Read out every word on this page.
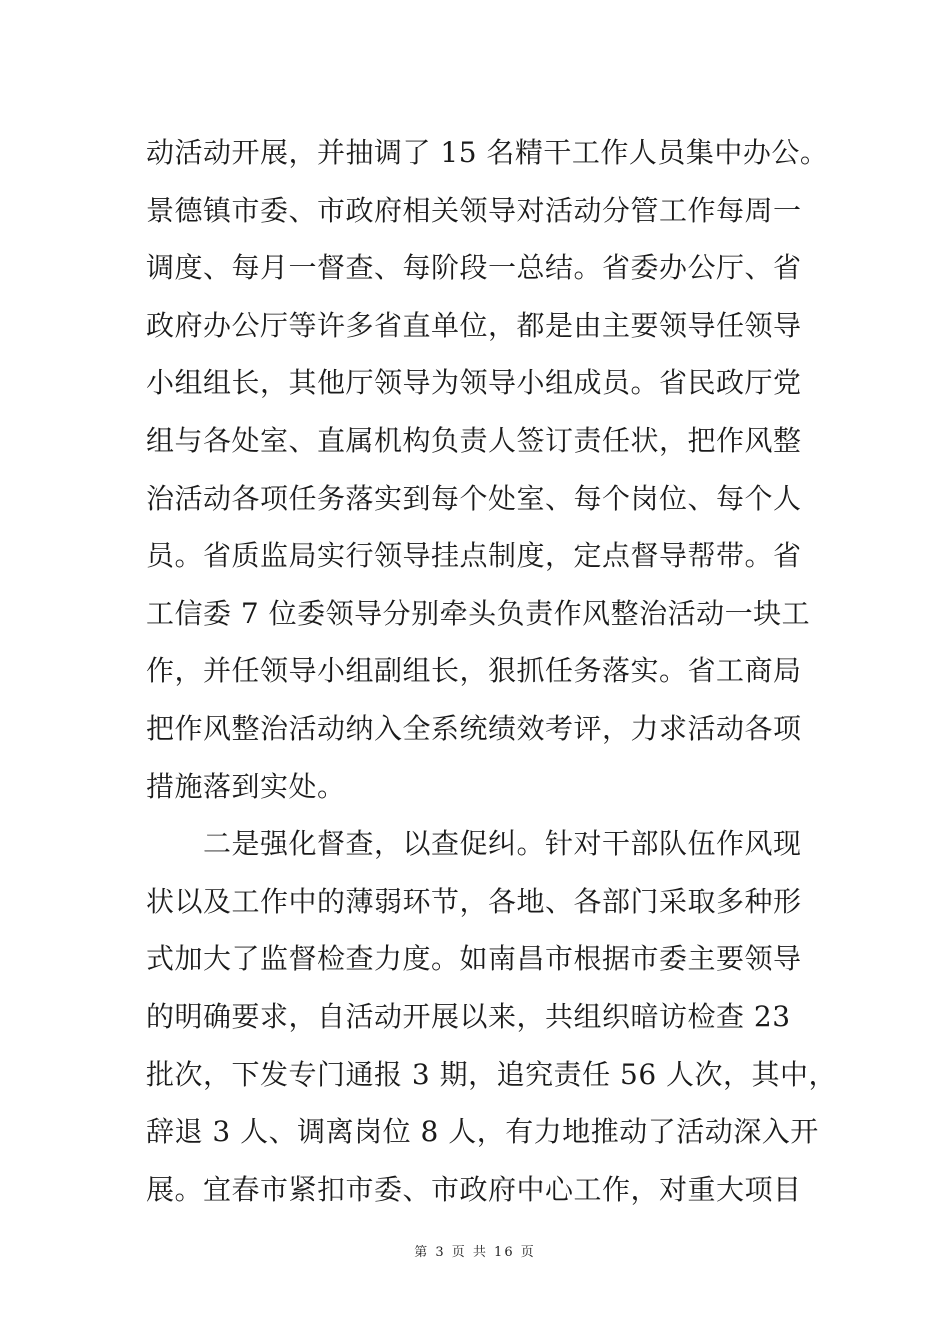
动活动开展，并抽调了 15 名精干工作人员集中办公。
景德镇市委、市政府相关领导对活动分管工作每周一
调度、每月一督查、每阶段一总结。省委办公厅、省
政府办公厅等许多省直单位，都是由主要领导任领导
小组组长，其他厅领导为领导小组成员。省民政厅党
组与各处室、直属机构负责人签订责任状，把作风整
治活动各项任务落实到每个处室、每个岗位、每个人
员。省质监局实行领导挂点制度，定点督导帮带。省
工信委 7 位委领导分别牵头负责作风整治活动一块工
作，并任领导小组副组长，狠抓任务落实。省工商局
把作风整治活动纳入全系统绩效考评，力求活动各项
措施落到实处。
　　二是强化督查，以查促纠。针对干部队伍作风现
状以及工作中的薄弱环节，各地、各部门采取多种形
式加大了监督检查力度。如南昌市根据市委主要领导
的明确要求，自活动开展以来，共组织暗访检查 23
批次，下发专门通报 3 期，追究责任 56 人次，其中，
辞退 3 人、调离岗位 8 人，有力地推动了活动深入开
展。宜春市紧扣市委、市政府中心工作，对重大项目
第 3 页 共 16 页
